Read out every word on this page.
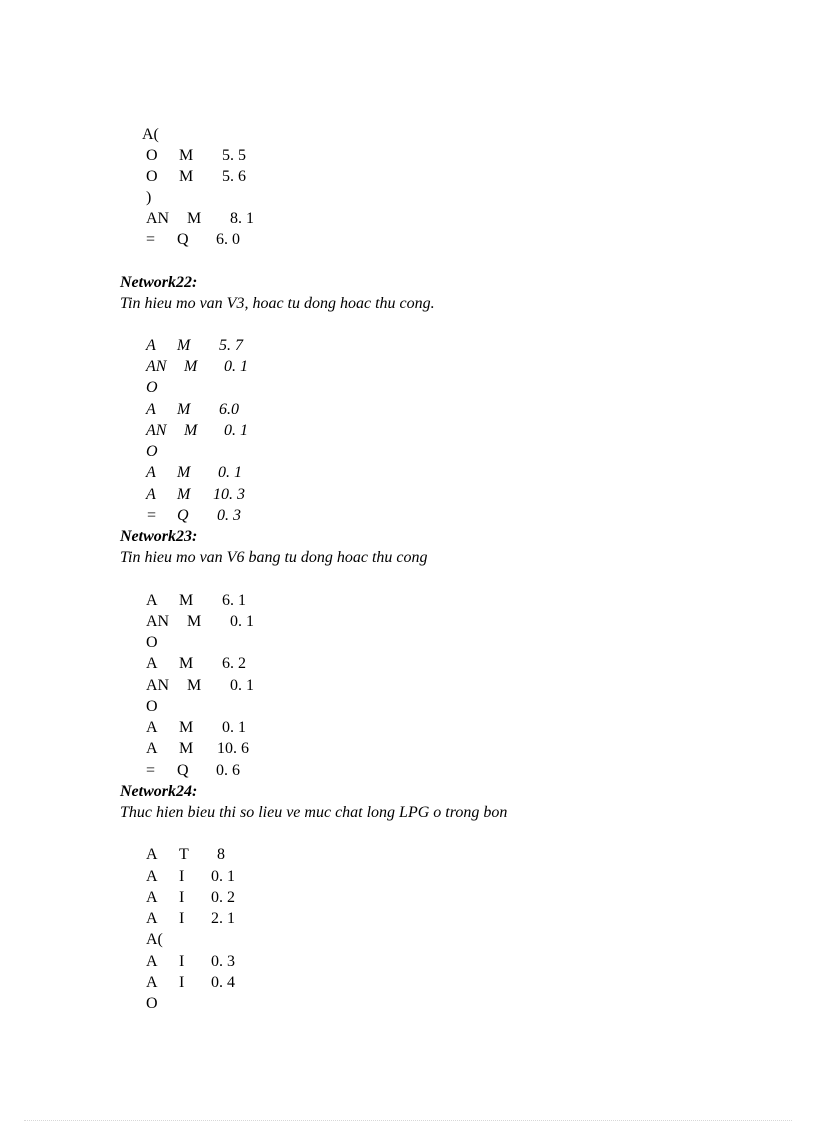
A(
O M 5. 5
O M 5. 6
)
AN M 8. 1
= Q 6. 0
Network22:
Tin hieu mo van V3, hoac tu dong hoac thu cong.
A M 5. 7
AN M 0. 1
O
A M 6.0
AN M 0. 1
O
A M 0. 1
A M 10. 3
= Q 0. 3
Network23:
Tin hieu mo van V6 bang tu dong hoac thu cong
A M 6. 1
AN M 0. 1
O
A M 6. 2
AN M 0. 1
O
A M 0. 1
A M 10. 6
= Q 0. 6
Network24:
Thuc hien bieu thi so lieu ve muc chat long LPG o trong bon
A T 8
A I 0. 1
A I 0. 2
A I 2. 1
A(
A I 0. 3
A I 0. 4
O
